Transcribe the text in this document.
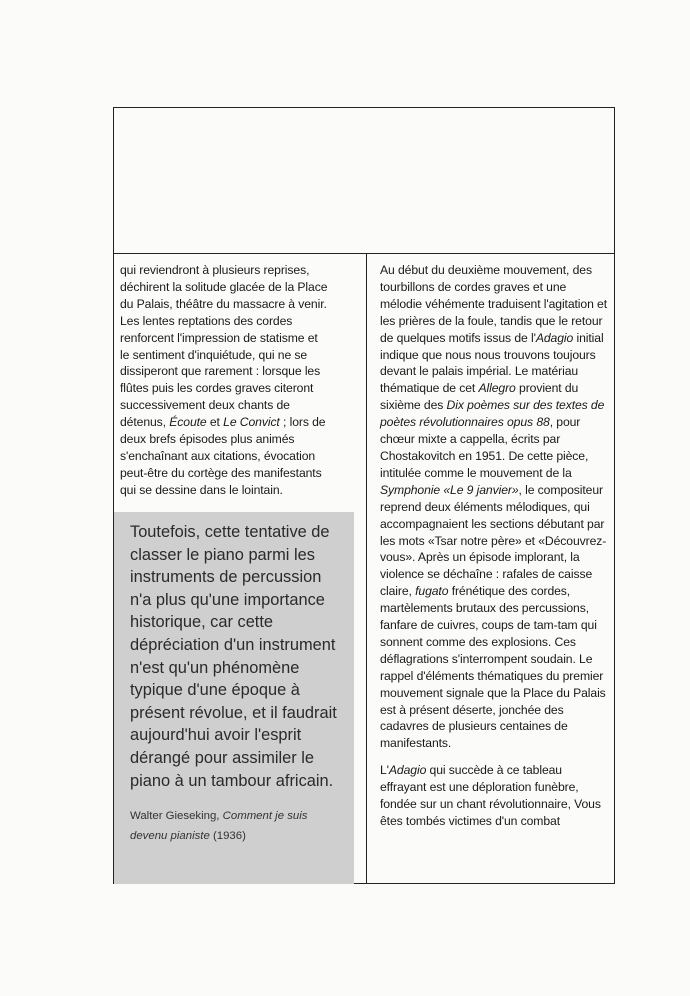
qui reviendront à plusieurs reprises,
déchirent la solitude glacée de la Place
du Palais, théâtre du massacre à venir.
Les lentes reptations des cordes
renforcent l'impression de statisme et
le sentiment d'inquiétude, qui ne se
dissiperont que rarement : lorsque les
flûtes puis les cordes graves citeront
successivement deux chants de
détenus, Écoute et Le Convict ; lors de
deux brefs épisodes plus animés
s'enchaînant aux citations, évocation
peut-être du cortège des manifestants
qui se dessine dans le lointain.

Toutefois, cette tentative de classer le piano parmi les instruments de percussion n'a plus qu'une importance historique, car cette dépréciation d'un instrument n'est qu'un phénomène typique d'une époque à présent révolue, et il faudrait aujourd'hui avoir l'esprit dérangé pour assimiler le piano à un tambour africain.

Walter Gieseking, Comment je suis devenu pianiste (1936)

Au début du deuxième mouvement, des tourbillons de cordes graves et une mélodie véhémente traduisent l'agitation et les prières de la foule, tandis que le retour de quelques motifs issus de l'Adagio initial indique que nous nous trouvons toujours devant le palais impérial. Le matériau thématique de cet Allegro provient du sixième des Dix poèmes sur des textes de poètes révolutionnaires opus 88, pour chœur mixte a cappella, écrits par Chostakovitch en 1951. De cette pièce, intitulée comme le mouvement de la Symphonie «Le 9 janvier», le compositeur reprend deux éléments mélodiques, qui accompagnaient les sections débutant par les mots «Tsar notre père» et «Découvrez-vous». Après un épisode implorant, la violence se déchaîne : rafales de caisse claire, fugato frénétique des cordes, martèlements brutaux des percussions, fanfare de cuivres, coups de tam-tam qui sonnent comme des explosions. Ces déflagrations s'interrompent soudain. Le rappel d'éléments thématiques du premier mouvement signale que la Place du Palais est à présent déserte, jonchée des cadavres de plusieurs centaines de manifestants.

L'Adagio qui succède à ce tableau effrayant est une déploration funèbre, fondée sur un chant révolutionnaire, Vous êtes tombés victimes d'un combat
